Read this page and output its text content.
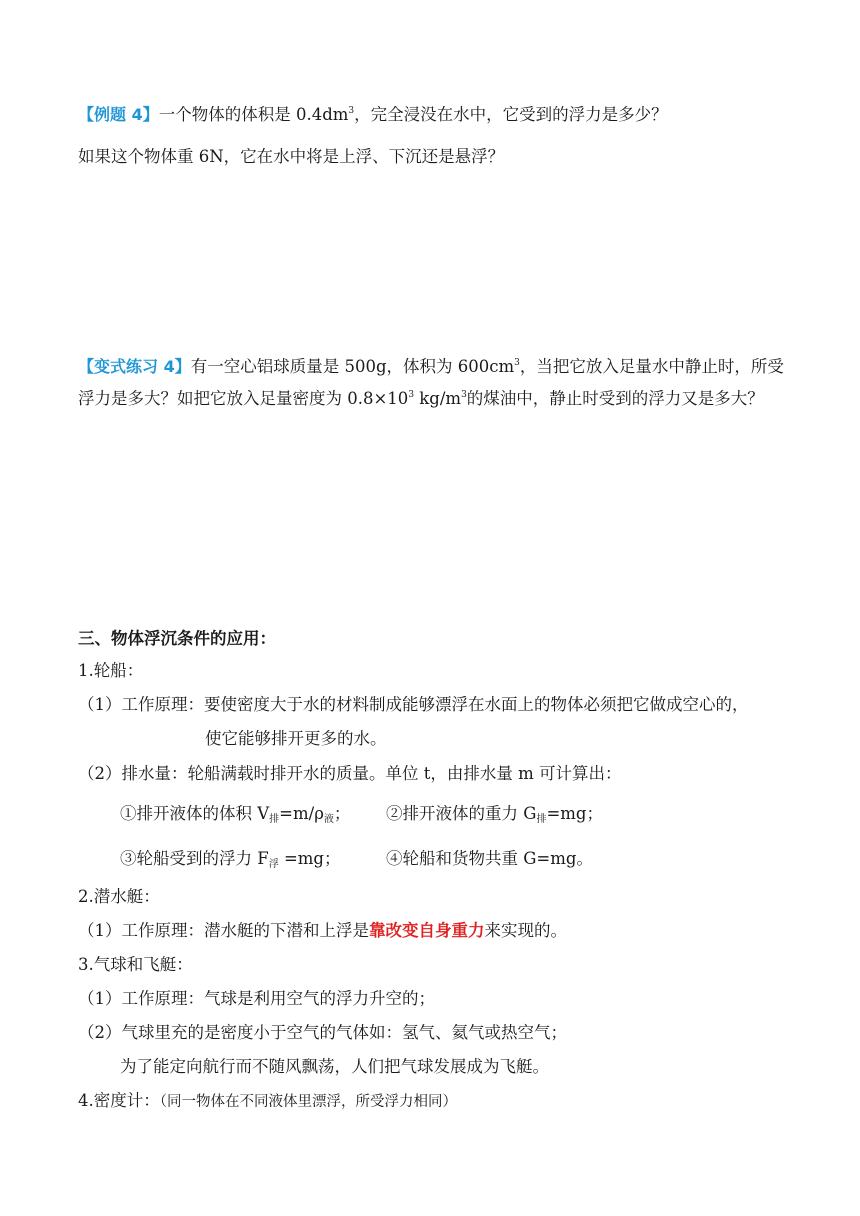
【例题 4】一个物体的体积是 $0.4dm^3$，完全浸没在水中，它受到的浮力是多少？
如果这个物体重 6N，它在水中将是上浮、下沉还是悬浮？
【变式练习 4】有一空心铝球质量是 500g，体积为 $600cm^3$，当把它放入足量水中静止时，所受
浮力是多大？如把它放入足量密度为 $0.8\times 10^3$ $kg/m^3$的煤油中，静止时受到的浮力又是多大？
三、物体浮沉条件的应用：
1.轮船：
（1）工作原理：要使密度大于水的材料制成能够漂浮在水面上的物体必须把它做成空心的，
使它能够排开更多的水。
（2）排水量：轮船满载时排开水的质量。单位 t，由排水量 m 可计算出：
①排开液体的体积 $V_排=m/\rho_液$； ②排开液体的重力 $G_排=mg$；
③轮船受到的浮力 $F_浮 =mg$；	④轮船和货物共重 G=mg。
2.潜水艇：
（1）工作原理：潜水艇的下潜和上浮是靠改变自身重力来实现的。
3.气球和飞艇：
（1）工作原理：气球是利用空气的浮力升空的；
（2）气球里充的是密度小于空气的气体如：氢气、氦气或热空气；
为了能定向航行而不随风飘荡，人们把气球发展成为飞艇。
4.密度计：（同一物体在不同液体里漂浮，所受浮力相同）
